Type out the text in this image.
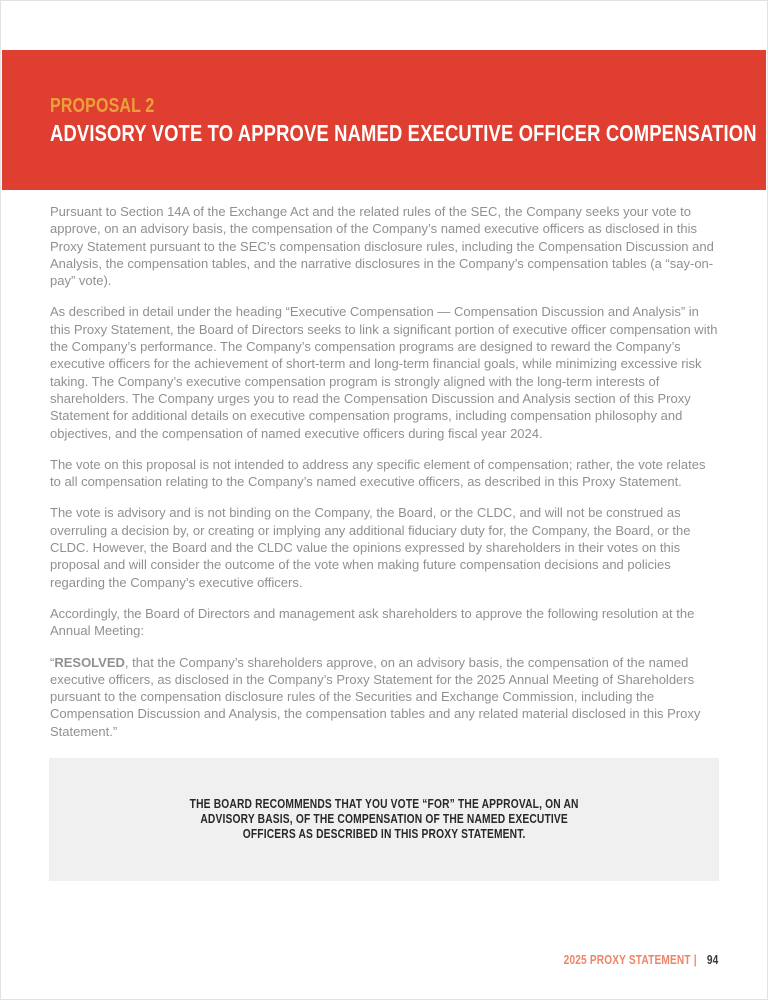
PROPOSAL 2
ADVISORY VOTE TO APPROVE NAMED EXECUTIVE OFFICER COMPENSATION

Pursuant to Section 14A of the Exchange Act and the related rules of the SEC, the Company seeks your vote to approve, on an advisory basis, the compensation of the Company’s named executive officers as disclosed in this Proxy Statement pursuant to the SEC’s compensation disclosure rules, including the Compensation Discussion and Analysis, the compensation tables, and the narrative disclosures in the Company’s compensation tables (a “say-on-pay” vote).

As described in detail under the heading “Executive Compensation — Compensation Discussion and Analysis” in this Proxy Statement, the Board of Directors seeks to link a significant portion of executive officer compensation with the Company’s performance. The Company’s compensation programs are designed to reward the Company’s executive officers for the achievement of short-term and long-term financial goals, while minimizing excessive risk taking. The Company’s executive compensation program is strongly aligned with the long-term interests of shareholders. The Company urges you to read the Compensation Discussion and Analysis section of this Proxy Statement for additional details on executive compensation programs, including compensation philosophy and objectives, and the compensation of named executive officers during fiscal year 2024.

The vote on this proposal is not intended to address any specific element of compensation; rather, the vote relates to all compensation relating to the Company’s named executive officers, as described in this Proxy Statement.

The vote is advisory and is not binding on the Company, the Board, or the CLDC, and will not be construed as overruling a decision by, or creating or implying any additional fiduciary duty for, the Company, the Board, or the CLDC. However, the Board and the CLDC value the opinions expressed by shareholders in their votes on this proposal and will consider the outcome of the vote when making future compensation decisions and policies regarding the Company’s executive officers.

Accordingly, the Board of Directors and management ask shareholders to approve the following resolution at the Annual Meeting:

“RESOLVED, that the Company’s shareholders approve, on an advisory basis, the compensation of the named executive officers, as disclosed in the Company’s Proxy Statement for the 2025 Annual Meeting of Shareholders pursuant to the compensation disclosure rules of the Securities and Exchange Commission, including the Compensation Discussion and Analysis, the compensation tables and any related material disclosed in this Proxy Statement.”

THE BOARD RECOMMENDS THAT YOU VOTE “FOR” THE APPROVAL, ON AN
ADVISORY BASIS, OF THE COMPENSATION OF THE NAMED EXECUTIVE
OFFICERS AS DESCRIBED IN THIS PROXY STATEMENT.
2025 PROXY STATEMENT | 94
